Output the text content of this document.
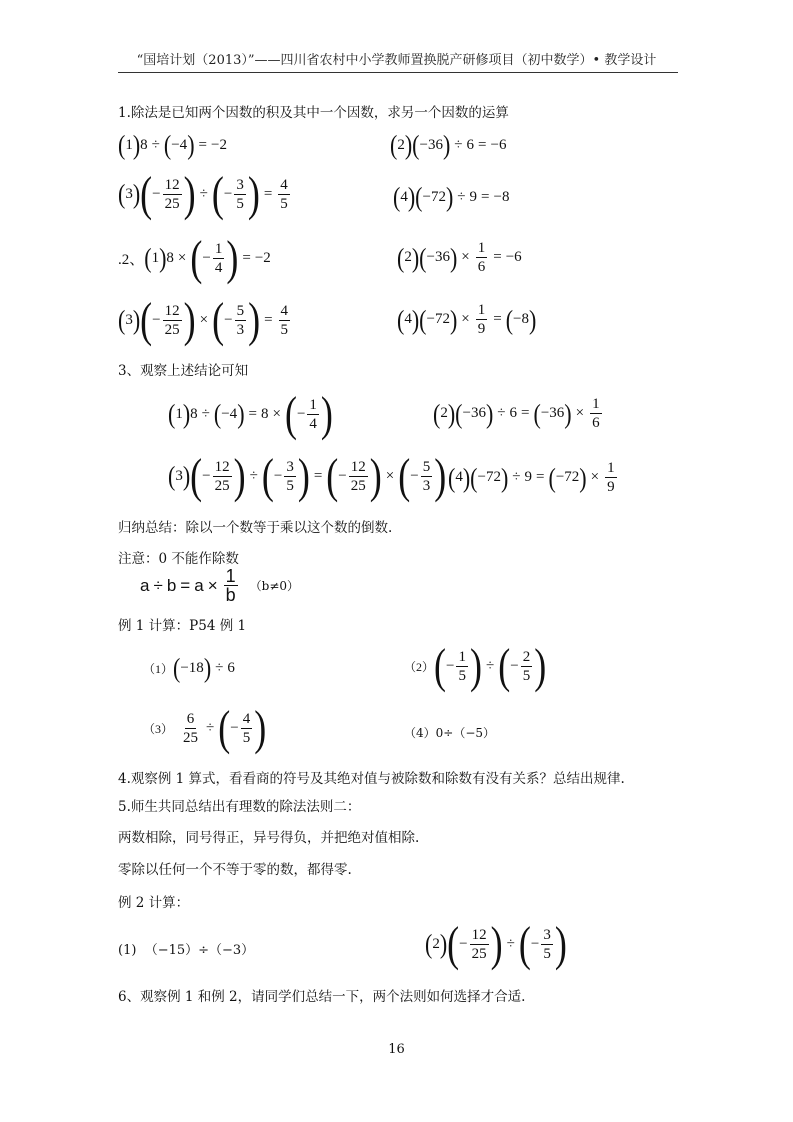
“国培计划（2013）”——四川省农村中小学教师置换脱产研修项目（初中数学）• 教学设计
1.除法是已知两个因数的积及其中一个因数，求另一个因数的运算
( 1 ) 8 ÷ ( −4 ) = −2	( 2 ) ( −36 ) ÷ 6 = −6
( 3 ) ( − $\frac{12}{25}$ ) ÷ ( − $\frac{3}{5}$ ) = $\frac{4}{5}$	( 4 ) ( −72 ) ÷ 9 = −8
.2、 ( 1 ) 8 × ( − $\frac{1}{4}$ ) = −2	( 2 ) ( −36 ) × $\frac{1}{6} = -6$
( 3 ) ( − $\frac{12}{25}$ ) × ( − $\frac{5}{3}$ ) = $\frac{4}{5}$	( 4 ) ( −72 ) × $\frac{1}{9}$ = ( −8 )
3、观察上述结论可知
( 1 ) 8 ÷ ( −4 ) = 8 × ( − $\frac{1}{4}$ )	( 2 ) ( −36 ) ÷ 6 = ( −36 ) × $\frac{1}{6}$
( 3 ) ( − $\frac{12}{25}$ ) ÷ ( − $\frac{3}{5}$ ) = ( − $\frac{12}{25}$ ) × ( − $\frac{5}{3}$ ) ( 4 ) ( −72 ) ÷ 9 = ( −72 ) × $\frac{1}{9}$
归纳总结：除以一个数等于乘以这个数的倒数.
注意：0 不能作除数
$a \div b = a \times \frac{1}{b} (b\ne 0)$
例 1 计算：P54 例 1
（1） ( −18 ) ÷ 6	（2） ( − $\frac{1}{5}$ ) ÷ ( − $\frac{2}{5}$ )
$(3) \frac{6}{25}$ ÷ ( − $\frac{4}{5}$ )	（4）0÷（−5）
4.观察例 1 算式，看看商的符号及其绝对值与被除数和除数有没有关系？总结出规律.
5.师生共同总结出有理数的除法法则二：
两数相除，同号得正，异号得负，并把绝对值相除.
零除以任何一个不等于零的数，都得零.
例 2 计算：
(1) （−15）÷（−3）	( 2 ) ( − $\frac{12}{25}$ ) ÷ ( − $\frac{3}{5}$ )
6、观察例 1 和例 2，请同学们总结一下，两个法则如何选择才合适.
16
